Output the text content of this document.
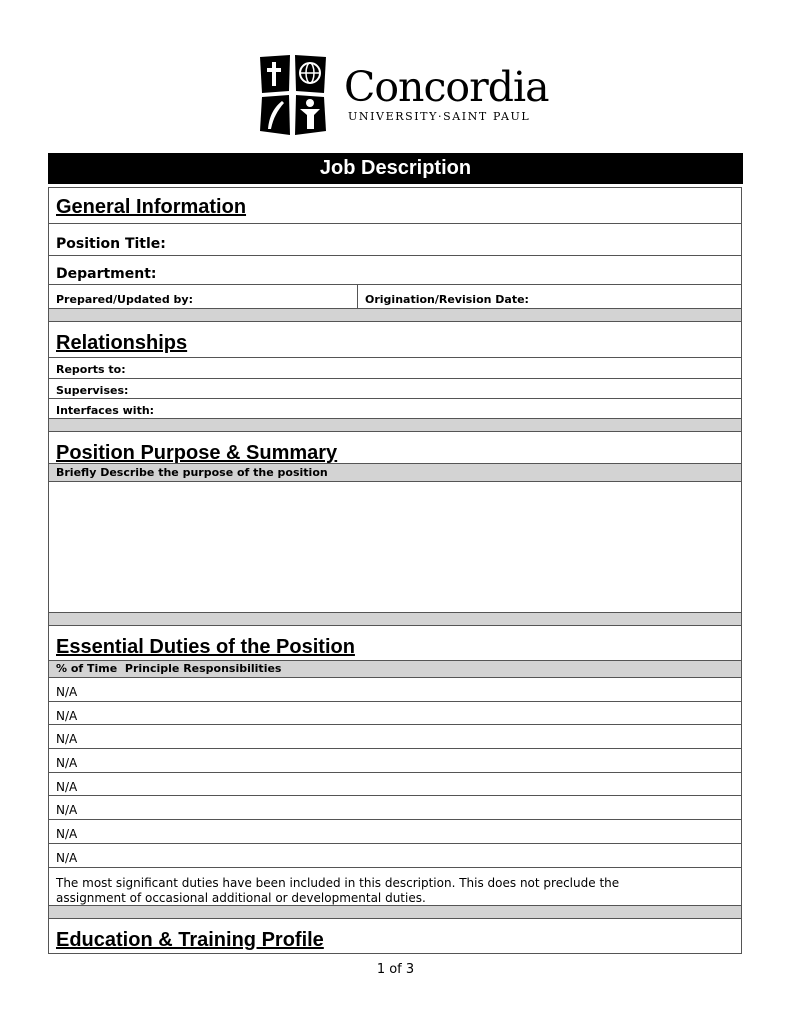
Concordia
UNIVERSITY·SAINT PAUL
Job Description
General Information
Position Title:
Department:
Prepared/Updated by:	Origination/Revision Date:
Relationships
Reports to:
Supervises:
Interfaces with:
Position Purpose & Summary
Briefly Describe the purpose of the position
Essential Duties of the Position
% of Time  Principle Responsibilities
N/A
N/A
N/A
N/A
N/A
N/A
N/A
N/A
The most significant duties have been included in this description. This does not preclude the assignment of occasional additional or developmental duties.
Education & Training Profile
1 of 3
